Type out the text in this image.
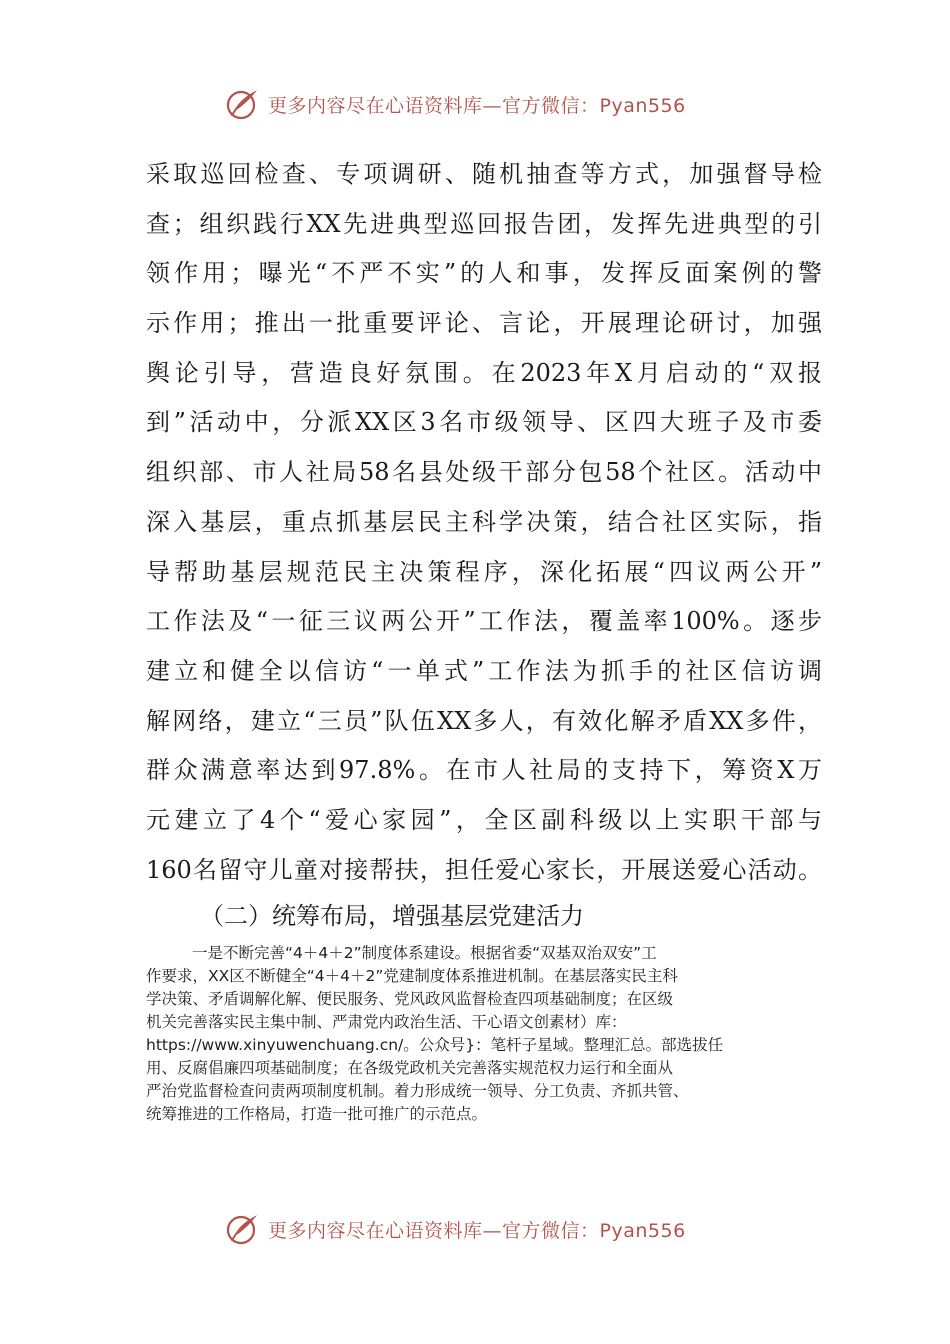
更多内容尽在心语资料库—官方微信：Pyan556
采取巡回检查、专项调研、随机抽查等方式，加强督导检
查；组织践行XX先进典型巡回报告团，发挥先进典型的引
领作用；曝光“不严不实”的人和事，发挥反面案例的警
示作用；推出一批重要评论、言论，开展理论研讨，加强
舆论引导，营造良好氛围。在2023年X月启动的“双报
到”活动中，分派XX区3名市级领导、区四大班子及市委
组织部、市人社局58名县处级干部分包58个社区。活动中
深入基层，重点抓基层民主科学决策，结合社区实际，指
导帮助基层规范民主决策程序，深化拓展“四议两公开”
工作法及“一征三议两公开”工作法，覆盖率100%。逐步
建立和健全以信访“一单式”工作法为抓手的社区信访调
解网络，建立“三员”队伍XX多人，有效化解矛盾XX多件，
群众满意率达到97.8%。在市人社局的支持下，筹资X万
元建立了4个“爱心家园”，全区副科级以上实职干部与
160名留守儿童对接帮扶，担任爱心家长，开展送爱心活动。
（二）统筹布局，增强基层党建活力
一是不断完善“4＋4＋2”制度体系建设。根据省委“双基双治双安”工
作要求，XX区不断健全“4＋4＋2”党建制度体系推进机制。在基层落实民主科
学决策、矛盾调解化解、便民服务、党风政风监督检查四项基础制度；在区级
机关完善落实民主集中制、严肃党内政治生活、干心语文创素材）库：
https://www.xinyuwenchuang.cn/。公众号}：笔杆子星域。整理汇总。部选拔任
用、反腐倡廉四项基础制度；在各级党政机关完善落实规范权力运行和全面从
严治党监督检查问责两项制度机制。着力形成统一领导、分工负责、齐抓共管、
统筹推进的工作格局，打造一批可推广的示范点。
更多内容尽在心语资料库—官方微信：Pyan556
